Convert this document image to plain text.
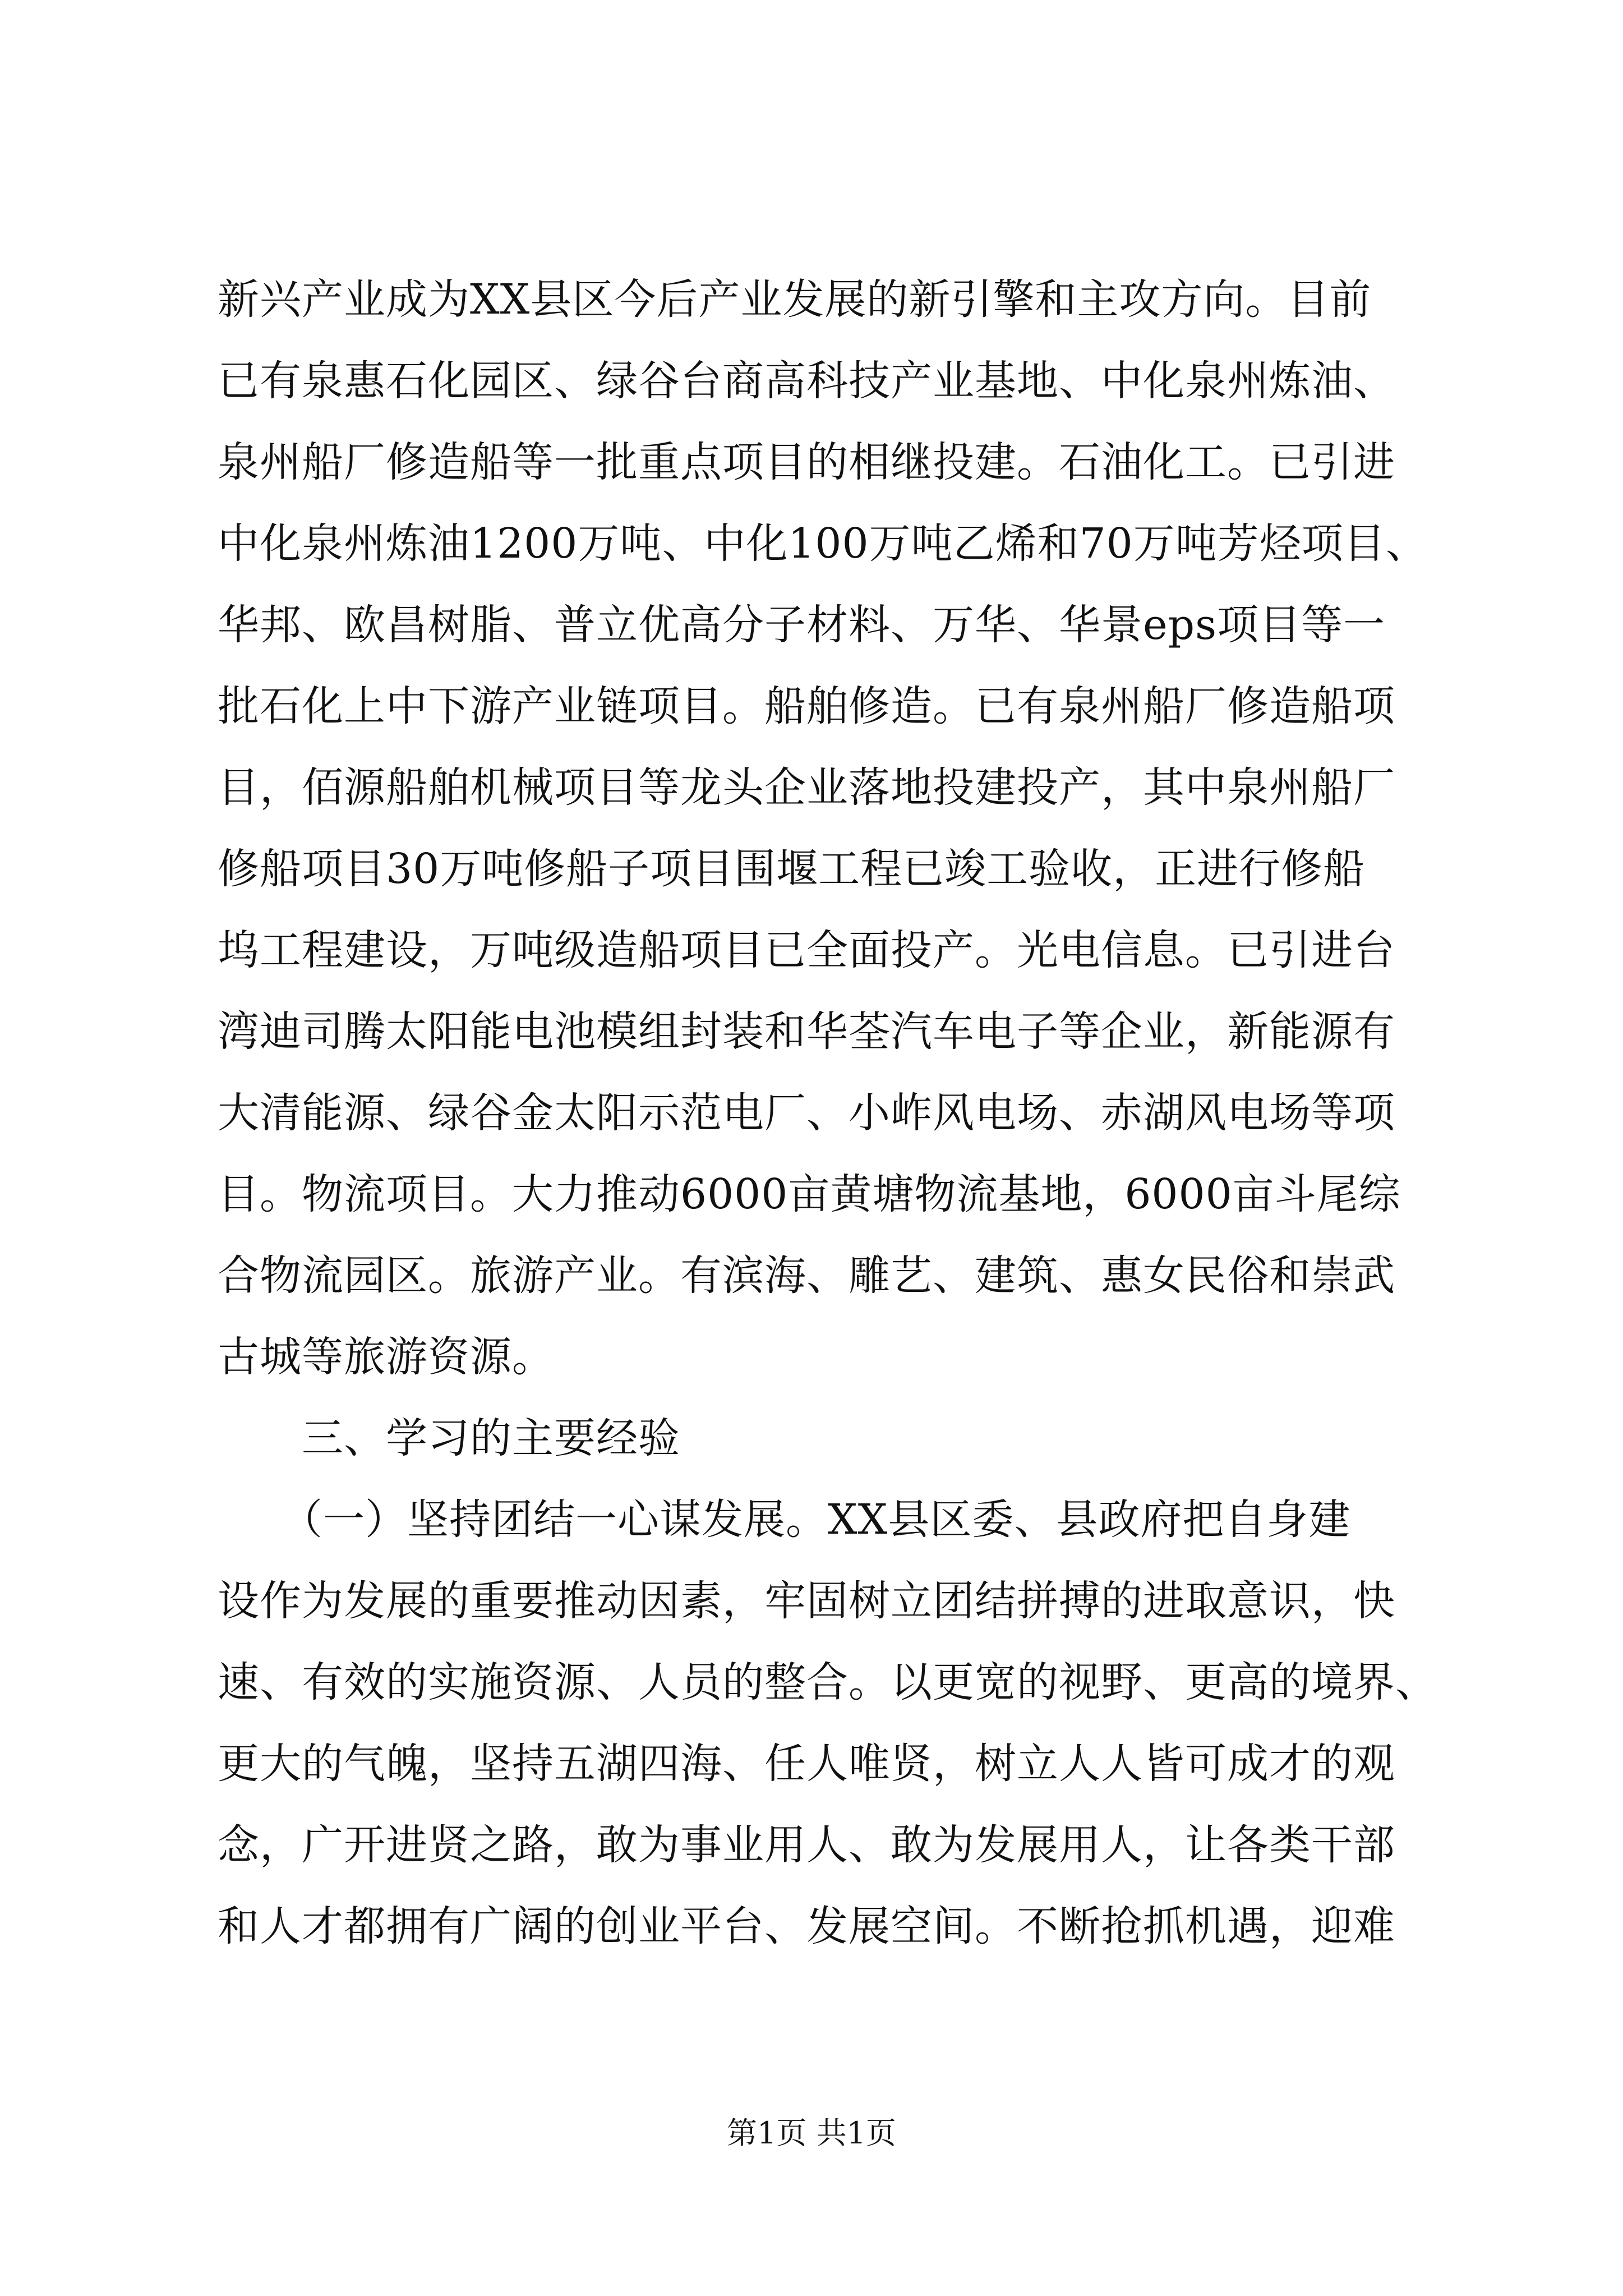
新兴产业成为XX县区今后产业发展的新引擎和主攻方向。目前
已有泉惠石化园区、绿谷台商高科技产业基地、中化泉州炼油、
泉州船厂修造船等一批重点项目的相继投建。石油化工。已引进
中化泉州炼油1200万吨、中化100万吨乙烯和70万吨芳烃项目、
华邦、欧昌树脂、普立优高分子材料、万华、华景eps项目等一
批石化上中下游产业链项目。船舶修造。已有泉州船厂修造船项
目，佰源船舶机械项目等龙头企业落地投建投产，其中泉州船厂
修船项目30万吨修船子项目围堰工程已竣工验收，正进行修船
坞工程建设，万吨级造船项目已全面投产。光电信息。已引进台
湾迪司腾太阳能电池模组封装和华荃汽车电子等企业，新能源有
大清能源、绿谷金太阳示范电厂、小岞风电场、赤湖风电场等项
目。物流项目。大力推动6000亩黄塘物流基地，6000亩斗尾综
合物流园区。旅游产业。有滨海、雕艺、建筑、惠女民俗和崇武
古城等旅游资源。
　　三、学习的主要经验
　　（一）坚持团结一心谋发展。XX县区委、县政府把自身建
设作为发展的重要推动因素，牢固树立团结拼搏的进取意识，快
速、有效的实施资源、人员的整合。以更宽的视野、更高的境界、
更大的气魄，坚持五湖四海、任人唯贤，树立人人皆可成才的观
念，广开进贤之路，敢为事业用人、敢为发展用人，让各类干部
和人才都拥有广阔的创业平台、发展空间。不断抢抓机遇，迎难
第1页 共1页
